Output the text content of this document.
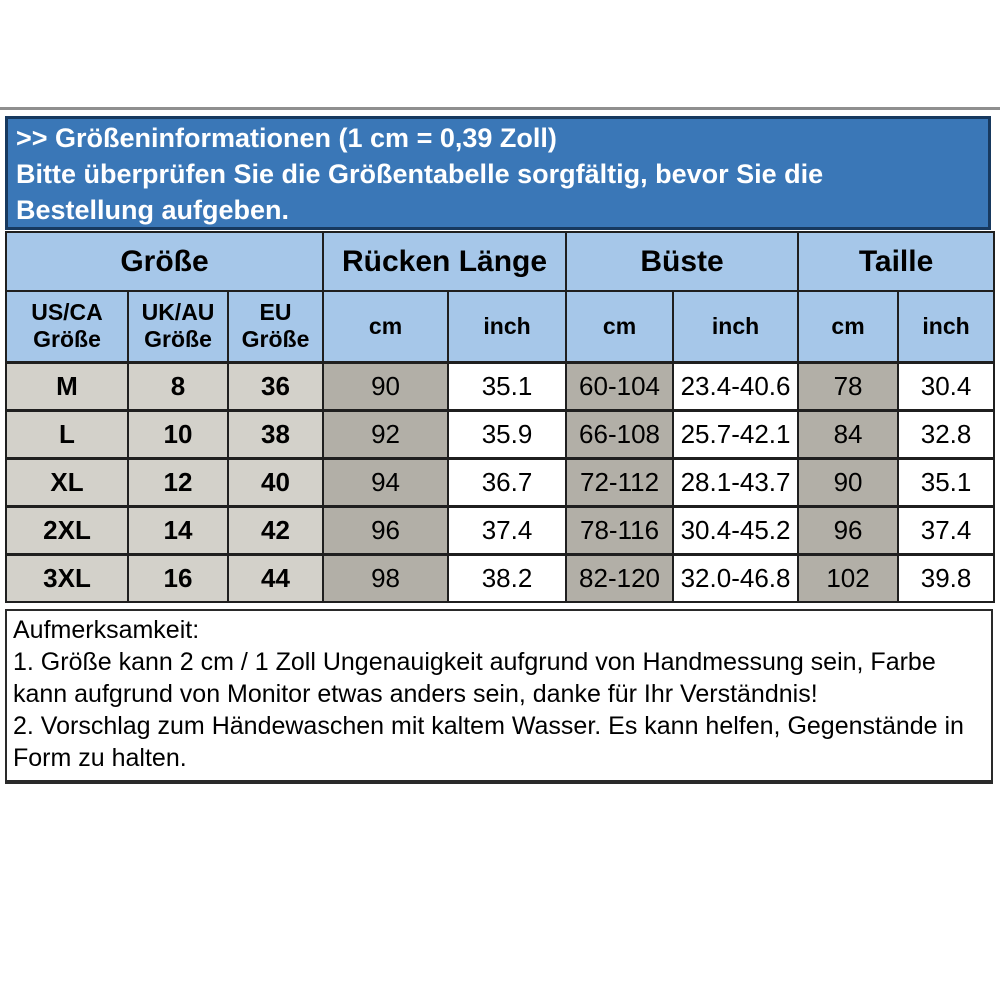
>> Größeninformationen (1 cm = 0,39 Zoll)
Bitte überprüfen Sie die Größentabelle sorgfältig, bevor Sie die
Bestellung aufgeben.
Größe			Rücken Länge		Büste		Taille	
US/CA Größe	UK/AU Größe	EU Größe	cm	inch	cm	inch	cm	inch
M	8	36	90	35.1	60-104	23.4-40.6	78	30.4
L	10	38	92	35.9	66-108	25.7-42.1	84	32.8
XL	12	40	94	36.7	72-112	28.1-43.7	90	35.1
2XL	14	42	96	37.4	78-116	30.4-45.2	96	37.4
3XL	16	44	98	38.2	82-120	32.0-46.8	102	39.8
Aufmerksamkeit:
1. Größe kann 2 cm / 1 Zoll Ungenauigkeit aufgrund von Handmessung sein, Farbe kann aufgrund von Monitor etwas anders sein, danke für Ihr Verständnis!
2. Vorschlag zum Händewaschen mit kaltem Wasser. Es kann helfen, Gegenstände in Form zu halten.
